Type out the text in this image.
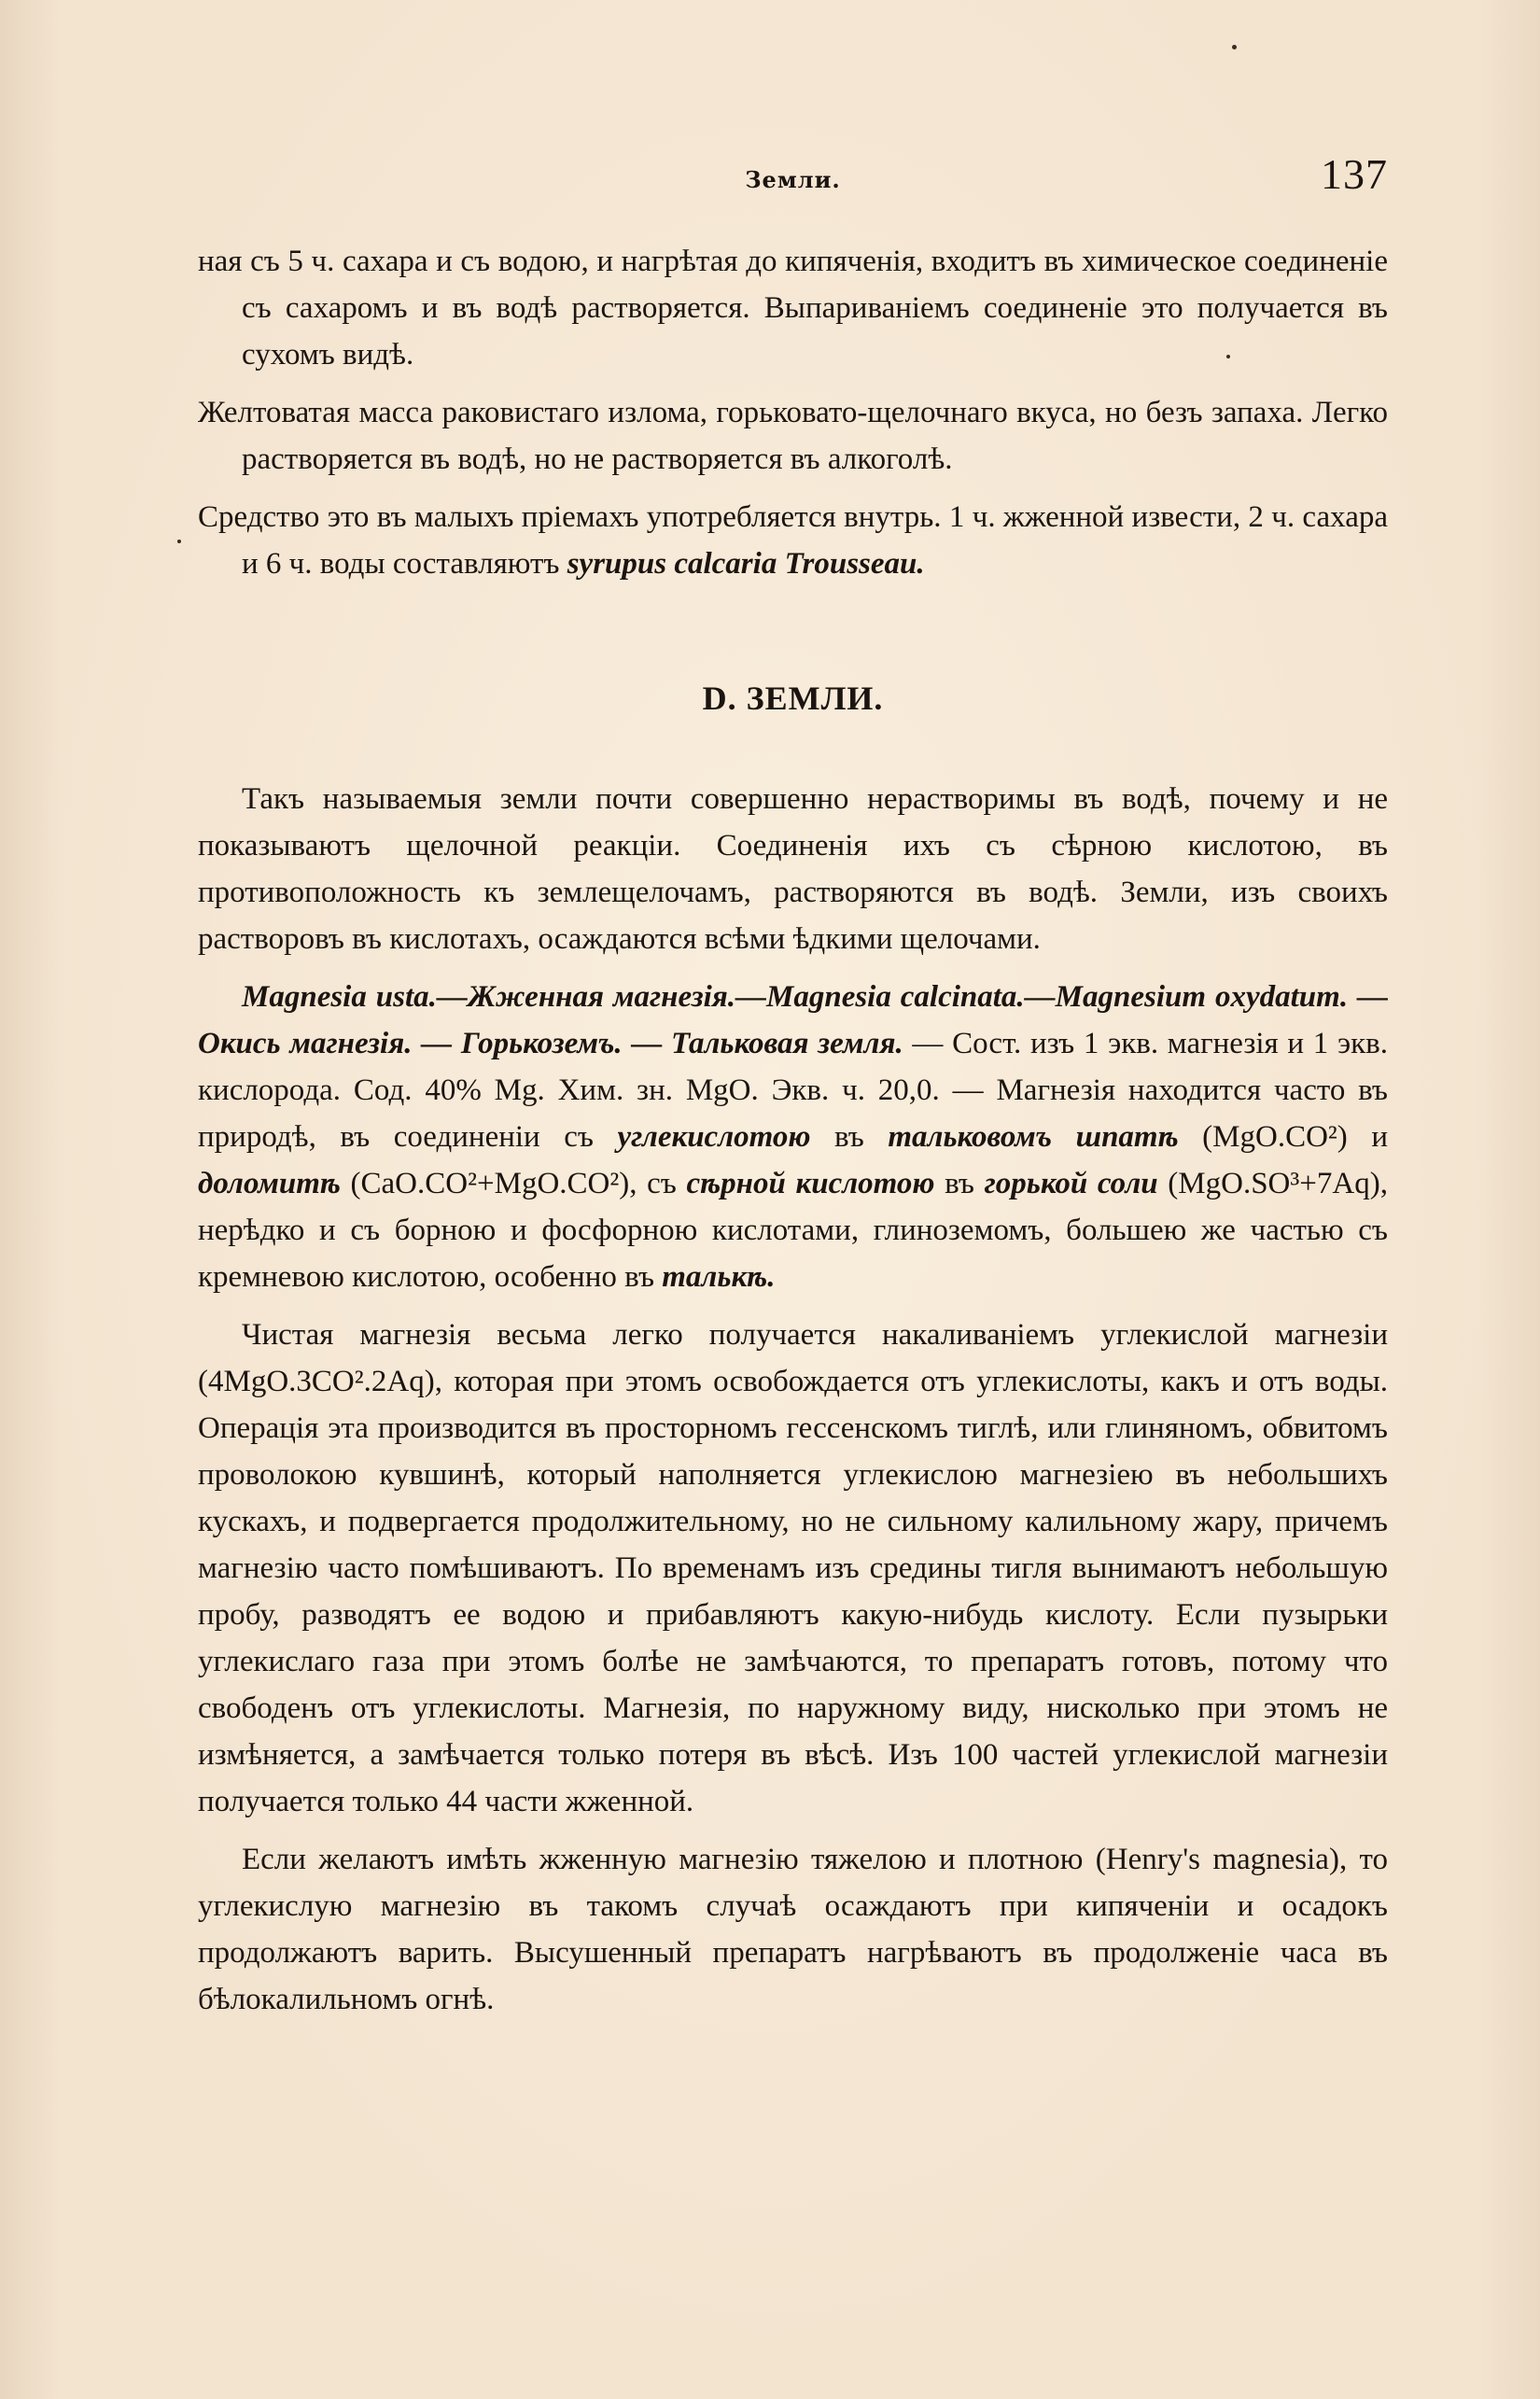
Земли.	137

ная съ 5 ч. сахара и съ водою, и нагрѣтая до кипяченія, входитъ въ химическое соединеніе съ сахаромъ и въ водѣ растворяется. Выпариваніемъ соединеніе это получается въ сухомъ видѣ.

Желтоватая масса раковистаго излома, горьковато-щелочнаго вкуса, но безъ запаха. Легко растворяется въ водѣ, но не растворяется въ алкоголѣ.

Средство это въ малыхъ пріемахъ употребляется внутрь. 1 ч. жженной извести, 2 ч. сахара и 6 ч. воды составляютъ syrupus calcaria Trousseau.

D. ЗЕМЛИ.

Такъ называемыя земли почти совершенно нерастворимы въ водѣ, почему и не показываютъ щелочной реакціи. Соединенія ихъ съ сѣрною кислотою, въ противоположность къ землещелочамъ, растворяются въ водѣ. Земли, изъ своихъ растворовъ въ кислотахъ, осаждаются всѣми ѣдкими щелочами.

Magnesia usta.—Жженная магнезія.—Magnesia calcinata.—Magnesium oxydatum. — Окись магнезія. — Горькоземъ. — Тальковая земля. — Сост. изъ 1 экв. магнезія и 1 экв. кислорода. Сод. 40% Mg. Хим. зн. MgO. Экв. ч. 20,0. — Магнезія находится часто въ природѣ, въ соединеніи съ углекислотою въ тальковомъ шпатѣ (MgO.CO²) и доломитѣ (CaO.CO²+MgO.CO²), съ сѣрной кислотою въ горькой соли (MgO.SO³+7Aq), нерѣдко и съ борною и фосфорною кислотами, глиноземомъ, большею же частью съ кремневою кислотою, особенно въ талькѣ.

Чистая магнезія весьма легко получается накаливаніемъ углекислой магнезіи (4MgO.3CO².2Aq), которая при этомъ освобождается отъ углекислоты, какъ и отъ воды. Операція эта производится въ просторномъ гессенскомъ тиглѣ, или глиняномъ, обвитомъ проволокою кувшинѣ, который наполняется углекислою магнезіею въ небольшихъ кускахъ, и подвергается продолжительному, но не сильному калильному жару, причемъ магнезію часто помѣшиваютъ. По временамъ изъ средины тигля вынимаютъ небольшую пробу, разводятъ ее водою и прибавляютъ какую-нибудь кислоту. Если пузырьки углекислаго газа при этомъ болѣе не замѣчаются, то препаратъ готовъ, потому что свободенъ отъ углекислоты. Магнезія, по наружному виду, нисколько при этомъ не измѣняется, а замѣчается только потеря въ вѣсѣ. Изъ 100 частей углекислой магнезіи получается только 44 части жженной.

Если желаютъ имѣть жженную магнезію тяжелою и плотною (Henry's magnesia), то углекислую магнезію въ такомъ случаѣ осаждаютъ при кипяченіи и осадокъ продолжаютъ варить. Высушенный препаратъ нагрѣваютъ въ продолженіе часа въ бѣлокалильномъ огнѣ.
